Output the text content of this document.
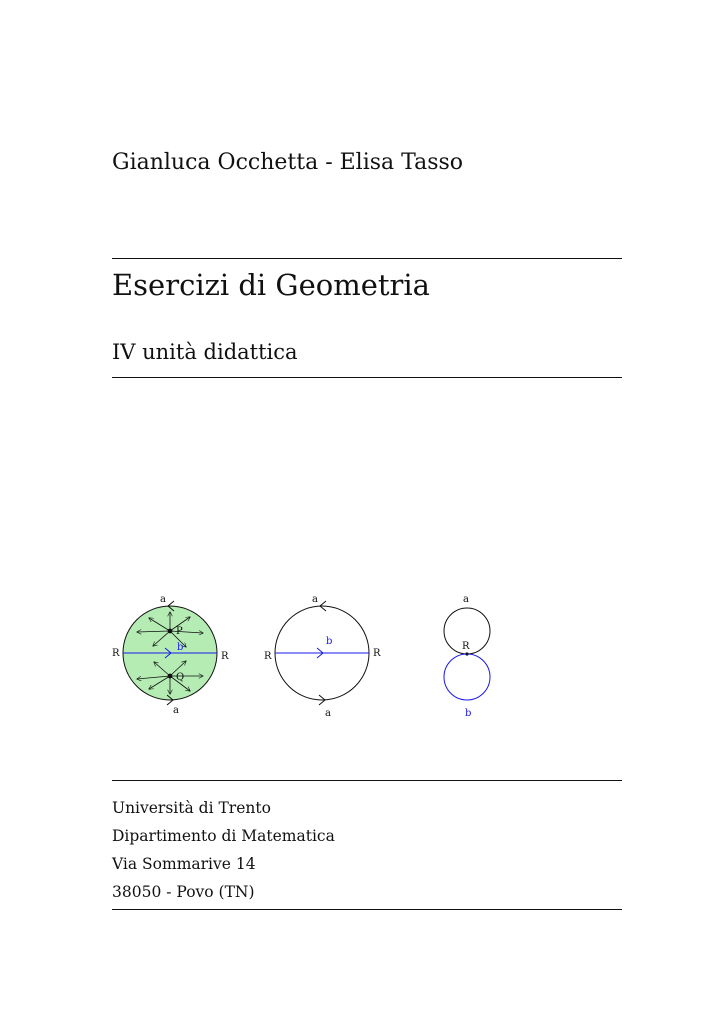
Gianluca Occhetta - Elisa Tasso
Esercizi di Geometria
IV unità didattica
a
a
R	R
b
P
Q
a
a
R	R
b
a
R
b
Università di Trento
Dipartimento di Matematica
Via Sommarive 14
38050 - Povo (TN)
